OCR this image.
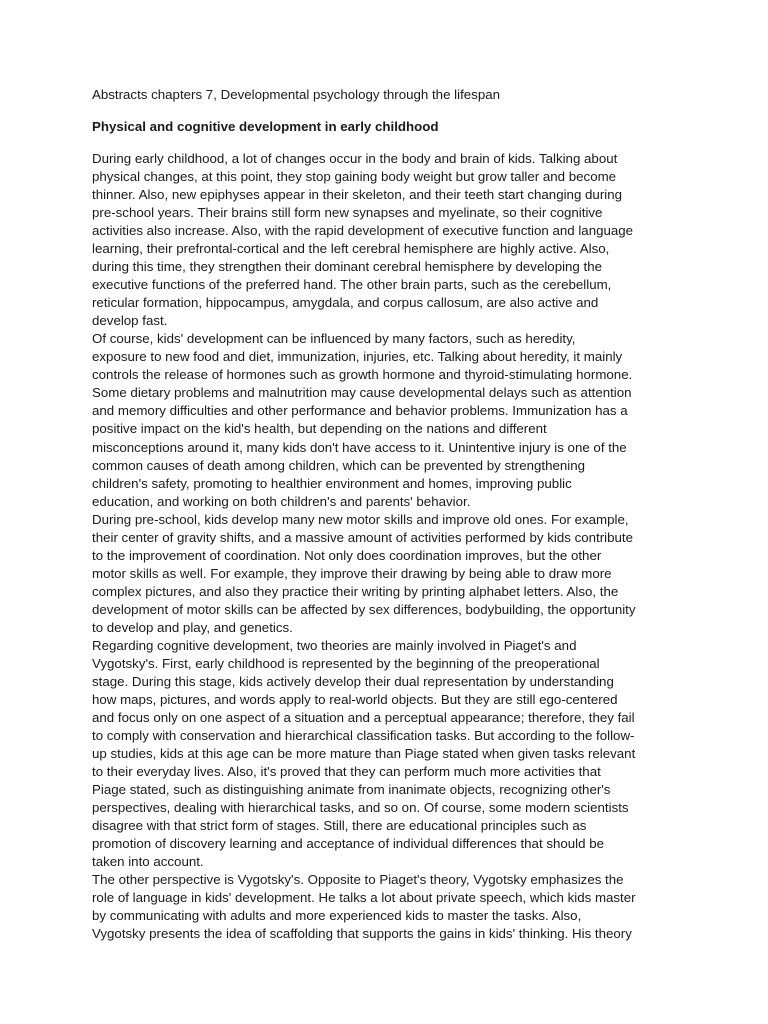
Abstracts chapters 7, Developmental psychology through the lifespan
Physical and cognitive development in early childhood
During early childhood, a lot of changes occur in the body and brain of kids. Talking about
physical changes, at this point, they stop gaining body weight but grow taller and become
thinner. Also, new epiphyses appear in their skeleton, and their teeth start changing during
pre-school years. Their brains still form new synapses and myelinate, so their cognitive
activities also increase. Also, with the rapid development of executive function and language
learning, their prefrontal-cortical and the left cerebral hemisphere are highly active. Also,
during this time, they strengthen their dominant cerebral hemisphere by developing the
executive functions of the preferred hand. The other brain parts, such as the cerebellum,
reticular formation, hippocampus, amygdala, and corpus callosum, are also active and
develop fast.
Of course, kids' development can be influenced by many factors, such as heredity,
exposure to new food and diet, immunization, injuries, etc. Talking about heredity, it mainly
controls the release of hormones such as growth hormone and thyroid-stimulating hormone.
Some dietary problems and malnutrition may cause developmental delays such as attention
and memory difficulties and other performance and behavior problems. Immunization has a
positive impact on the kid's health, but depending on the nations and different
misconceptions around it, many kids don't have access to it. Unintentive injury is one of the
common causes of death among children, which can be prevented by strengthening
children's safety, promoting to healthier environment and homes, improving public
education, and working on both children's and parents' behavior.
During pre-school, kids develop many new motor skills and improve old ones. For example,
their center of gravity shifts, and a massive amount of activities performed by kids contribute
to the improvement of coordination. Not only does coordination improves, but the other
motor skills as well. For example, they improve their drawing by being able to draw more
complex pictures, and also they practice their writing by printing alphabet letters. Also, the
development of motor skills can be affected by sex differences, bodybuilding, the opportunity
to develop and play, and genetics.
Regarding cognitive development, two theories are mainly involved in Piaget's and
Vygotsky's. First, early childhood is represented by the beginning of the preoperational
stage. During this stage, kids actively develop their dual representation by understanding
how maps, pictures, and words apply to real-world objects. But they are still ego-centered
and focus only on one aspect of a situation and a perceptual appearance; therefore, they fail
to comply with conservation and hierarchical classification tasks. But according to the follow-
up studies, kids at this age can be more mature than Piage stated when given tasks relevant
to their everyday lives. Also, it's proved that they can perform much more activities that
Piage stated, such as distinguishing animate from inanimate objects, recognizing other's
perspectives, dealing with hierarchical tasks, and so on. Of course, some modern scientists
disagree with that strict form of stages. Still, there are educational principles such as
promotion of discovery learning and acceptance of individual differences that should be
taken into account.
The other perspective is Vygotsky's. Opposite to Piaget's theory, Vygotsky emphasizes the
role of language in kids' development. He talks a lot about private speech, which kids master
by communicating with adults and more experienced kids to master the tasks. Also,
Vygotsky presents the idea of scaffolding that supports the gains in kids' thinking. His theory
